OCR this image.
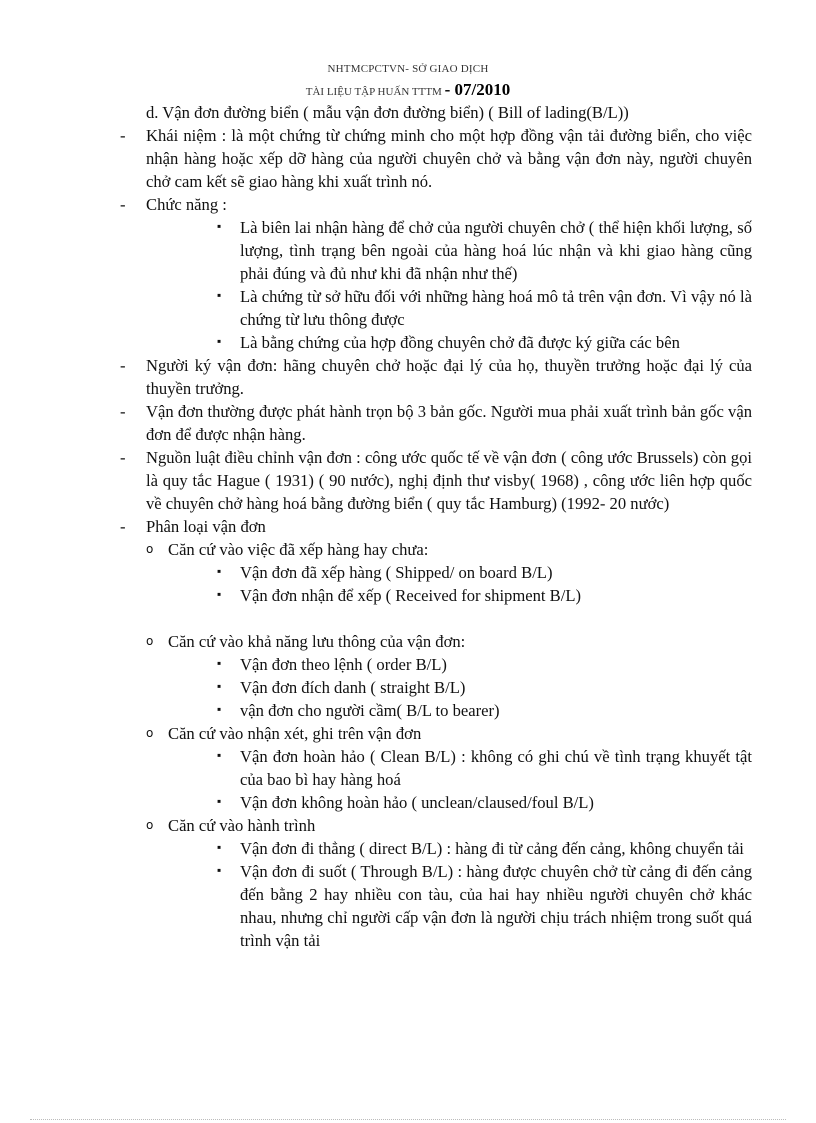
NHTMCPCTVN- SỞ GIAO DỊCH
TÀI LIỆU TẬP HUẤN TTTM - 07/2010
d. Vận đơn đường biển ( mẫu vận đơn đường biển) ( Bill of lading(B/L))
- Khái niệm : là một chứng từ chứng minh cho một hợp đồng vận tải đường biển, cho việc nhận hàng hoặc xếp dỡ hàng của người chuyên chở và bằng vận đơn này, người chuyên chở cam kết sẽ giao hàng khi xuất trình nó.
- Chức năng :
▪ Là biên lai nhận hàng để chở của người chuyên chở ( thể hiện khối lượng, số lượng, tình trạng bên ngoài của hàng hoá lúc nhận và khi giao hàng cũng phải đúng và đủ như khi đã nhận như thế)
▪ Là chứng từ sở hữu đối với những hàng hoá mô tả trên vận đơn. Vì vậy nó là chứng từ lưu thông được
▪ Là bằng chứng của hợp đồng chuyên chở đã được ký giữa các bên
- Người ký vận đơn: hãng chuyên chở hoặc đại lý của họ, thuyền trưởng hoặc đại lý của thuyền trưởng.
- Vận đơn thường được phát hành trọn bộ 3 bản gốc. Người mua phải xuất trình bản gốc vận đơn để được nhận hàng.
- Nguồn luật điều chỉnh vận đơn : công ước quốc tế về vận đơn ( công ước Brussels) còn gọi là quy tắc Hague ( 1931) ( 90 nước), nghị định thư visby( 1968) , công ước liên hợp quốc về chuyên chở hàng hoá bằng đường biển ( quy tắc Hamburg) (1992- 20 nước)
- Phân loại vận đơn
o Căn cứ vào việc đã xếp hàng hay chưa:
▪ Vận đơn đã xếp hàng ( Shipped/ on board B/L)
▪ Vận đơn nhận để xếp ( Received for shipment B/L)
o Căn cứ vào khả năng lưu thông của vận đơn:
▪ Vận đơn theo lệnh ( order B/L)
▪ Vận đơn đích danh ( straight B/L)
▪ vận đơn cho người cầm( B/L to bearer)
o Căn cứ vào nhận xét, ghi trên vận đơn
▪ Vận đơn hoàn hảo ( Clean B/L) : không có ghi chú về tình trạng khuyết tật của bao bì hay hàng hoá
▪ Vận đơn không hoàn hảo ( unclean/claused/foul B/L)
o Căn cứ vào hành trình
▪ Vận đơn đi thẳng ( direct B/L) : hàng đi từ cảng đến cảng, không chuyển tải
▪ Vận đơn đi suốt ( Through B/L) : hàng được chuyên chở từ cảng đi đến cảng đến bằng 2 hay nhiều con tàu, của hai hay nhiều người chuyên chở khác nhau, nhưng chỉ người cấp vận đơn là người chịu trách nhiệm trong suốt quá trình vận tải
